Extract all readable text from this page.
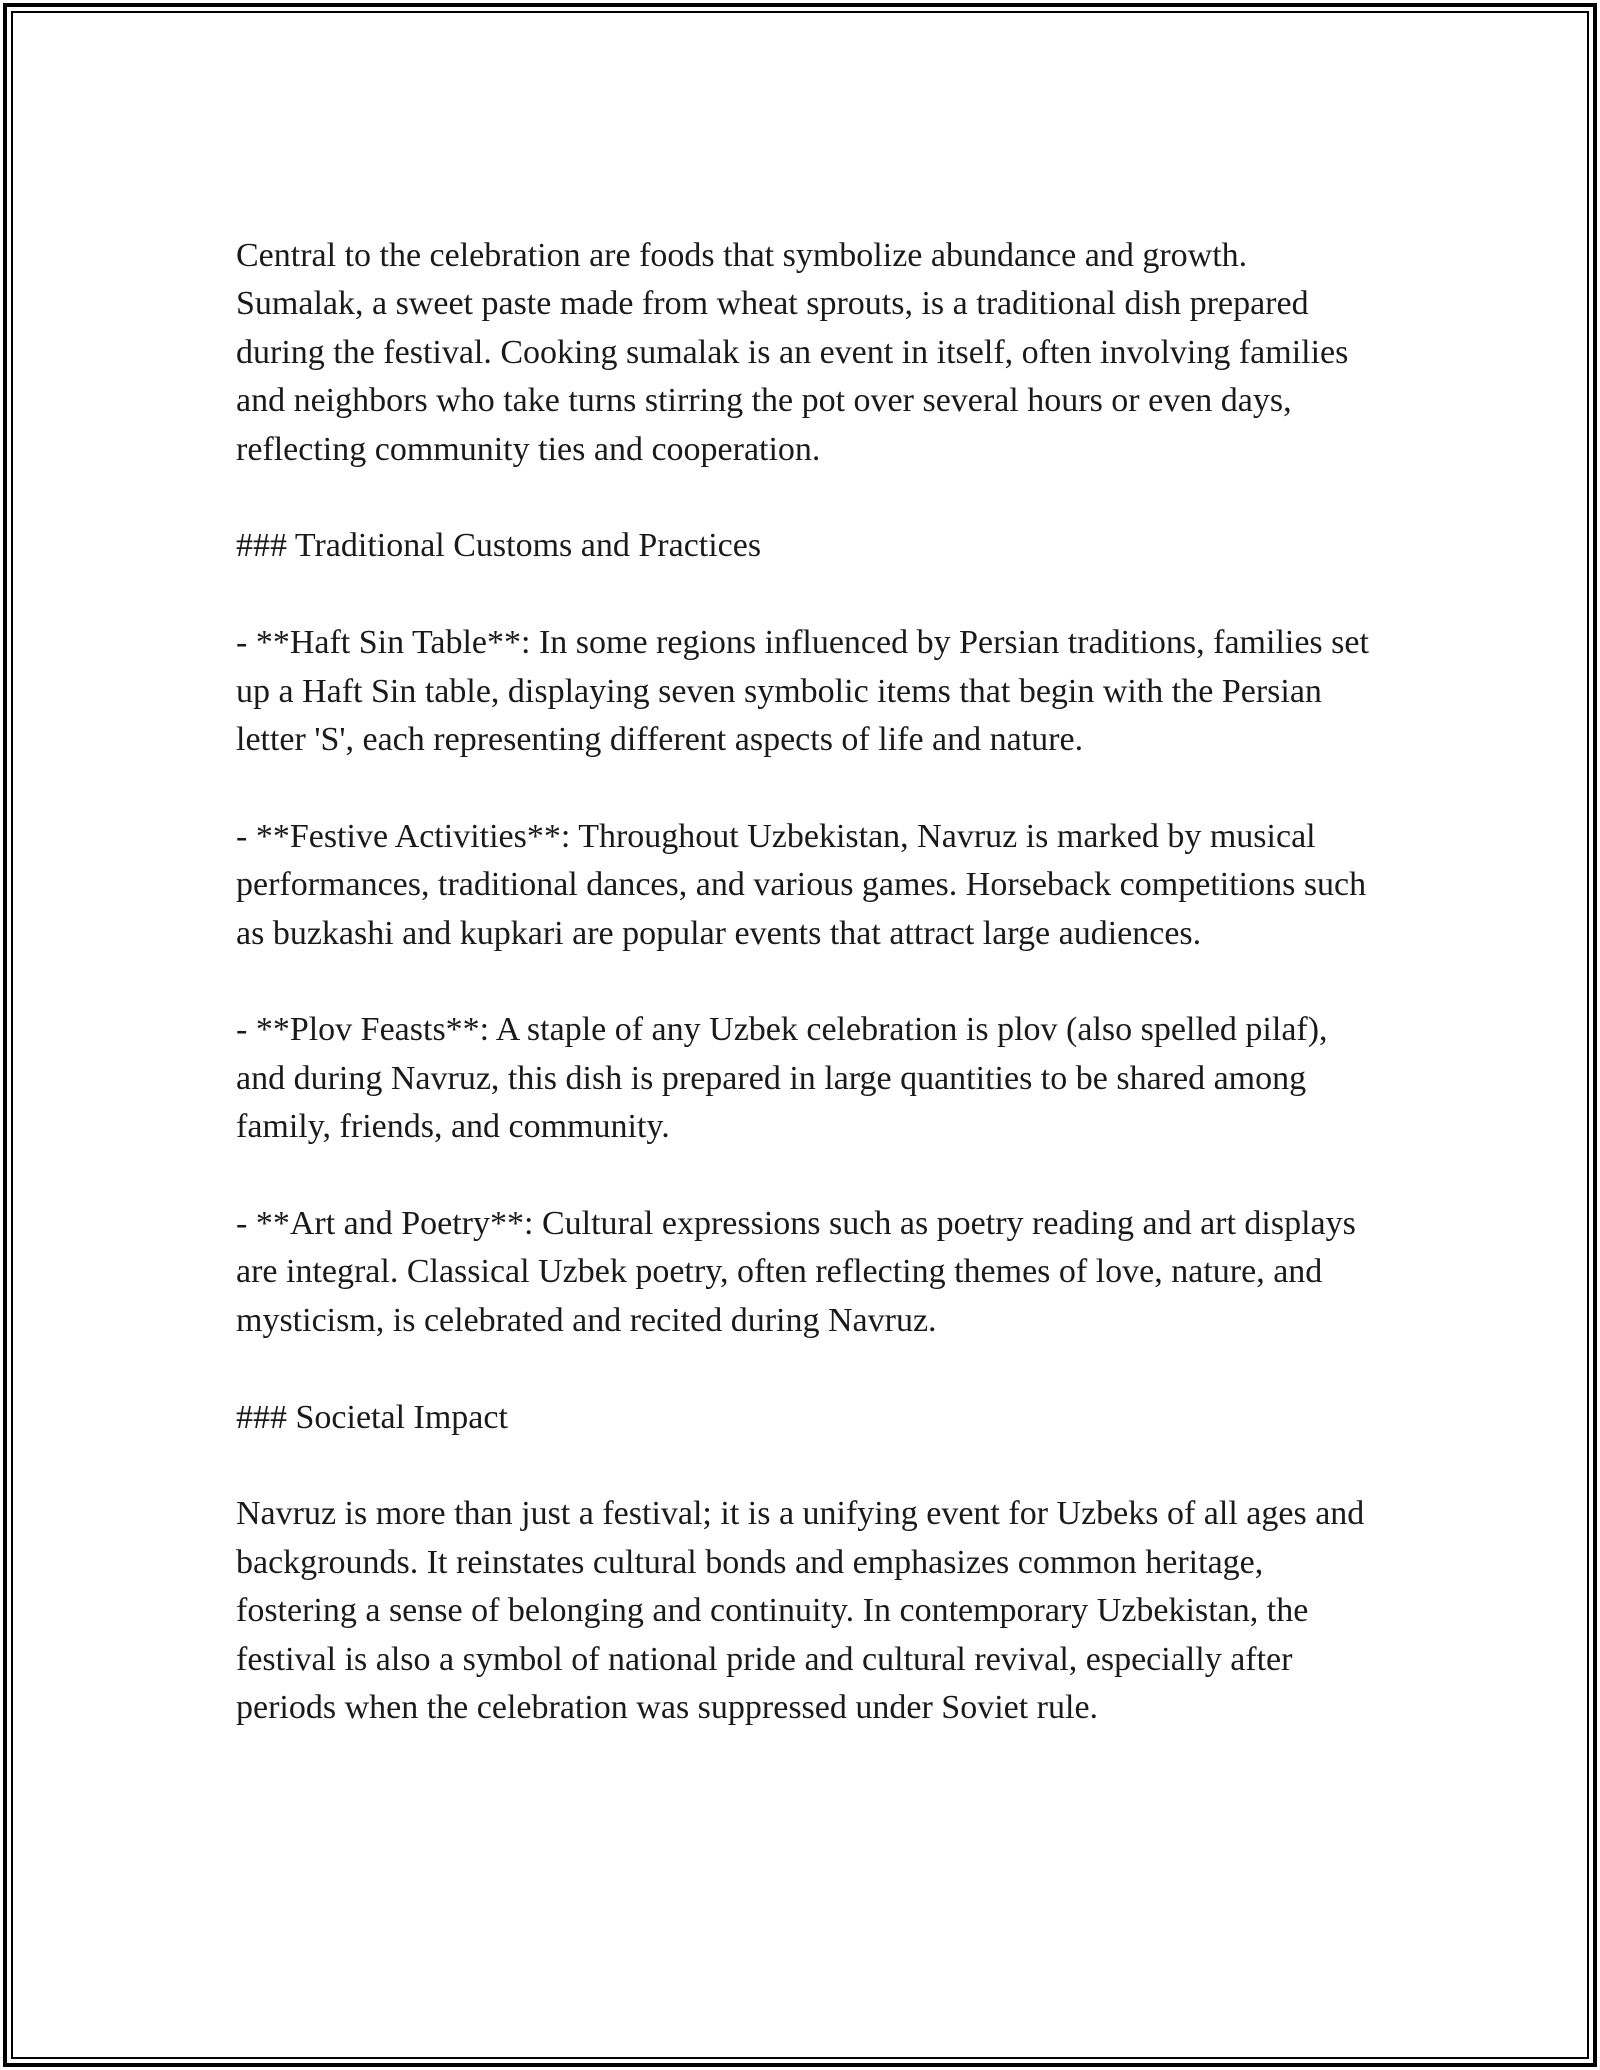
Central to the celebration are foods that symbolize abundance and growth. Sumalak, a sweet paste made from wheat sprouts, is a traditional dish prepared during the festival. Cooking sumalak is an event in itself, often involving families and neighbors who take turns stirring the pot over several hours or even days, reflecting community ties and cooperation.

### Traditional Customs and Practices

- **Haft Sin Table**: In some regions influenced by Persian traditions, families set up a Haft Sin table, displaying seven symbolic items that begin with the Persian letter 'S', each representing different aspects of life and nature.

- **Festive Activities**: Throughout Uzbekistan, Navruz is marked by musical performances, traditional dances, and various games. Horseback competitions such as buzkashi and kupkari are popular events that attract large audiences.

- **Plov Feasts**: A staple of any Uzbek celebration is plov (also spelled pilaf), and during Navruz, this dish is prepared in large quantities to be shared among family, friends, and community.

- **Art and Poetry**: Cultural expressions such as poetry reading and art displays are integral. Classical Uzbek poetry, often reflecting themes of love, nature, and mysticism, is celebrated and recited during Navruz.

### Societal Impact

Navruz is more than just a festival; it is a unifying event for Uzbeks of all ages and backgrounds. It reinstates cultural bonds and emphasizes common heritage, fostering a sense of belonging and continuity. In contemporary Uzbekistan, the festival is also a symbol of national pride and cultural revival, especially after periods when the celebration was suppressed under Soviet rule.
